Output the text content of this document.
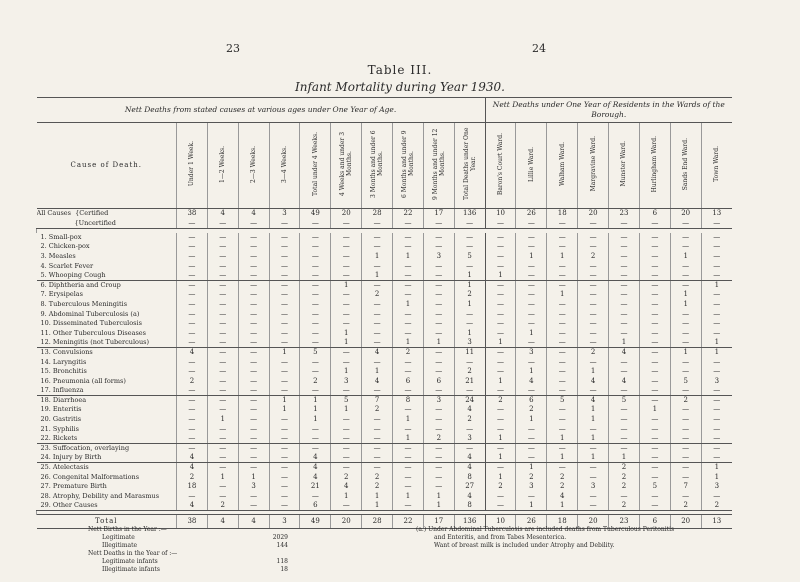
23	24
Table III.
Infant Mortality during Year 1930.
Nett Deaths from stated causes at various ages under One Year of Age.											Nett Deaths under One Year of Residents in the Wards of the Borough.							
Cause of Death.	Under 1 Week.	1—2 Weeks.	2—3 Weeks.	3—4 Weeks.	Total under 4 Weeks.	4 Weeks and under 3 Months.	3 Months and under 6 Months.	6 Months and under 9 Months.	9 Months and under 12 Months.	Total Deaths under One Year.	Baron's Court Ward.	Lillie Ward.	Walham Ward.	Margravine Ward.	Munster Ward.	Hurlingham Ward.	Sands End Ward.	Town Ward.
All Causes  {Certified	38	4	4	3	49	20	28	22	17	136	10	26	18	20	23	6	20	13
{Uncertified	—	—	—	—	—	—	—	—	—	—	—	—	—	—	—	—	—	—

1. Small-pox	—	—	—	—	—	—	—	—	—	—	—	—	—	—	—	—	—	—
2. Chicken-pox	—	—	—	—	—	—	—	—	—	—	—	—	—	—	—	—	—	—
3. Measles	—	—	—	—	—	—	1	1	3	5	—	1	1	2	—	—	1	—
4. Scarlet Fever	—	—	—	—	—	—	—	—	—	—	—	—	—	—	—	—	—	—
5. Whooping Cough	—	—	—	—	—	—	1	—	—	1	1	—	—	—	—	—	—	—
6. Diphtheria and Croup	—	—	—	—	—	1	—	—	—	1	—	—	—	—	—	—	—	1
7. Erysipelas	—	—	—	—	—	—	2	—	—	2	—	—	1	—	—	—	1	—
8. Tuberculous Meningitis	—	—	—	—	—	—	—	1	—	1	—	—	—	—	—	—	1	—
9. Abdominal Tuberculosis (a)	—	—	—	—	—	—	—	—	—	—	—	—	—	—	—	—	—	—
10. Disseminated Tuberculosis	—	—	—	—	—	—	—	—	—	—	—	—	—	—	—	—	—	—
11. Other Tuberculous Diseases	—	—	—	—	—	1	—	—	—	1	—	1	—	—	—	—	—	—
12. Meningitis (not Tuberculous)	—	—	—	—	—	1	—	1	1	3	1	—	—	—	1	—	—	1
13. Convulsions	4	—	—	1	5	—	4	2	—	11	—	3	—	2	4	—	1	1
14. Laryngitis	—	—	—	—	—	—	—	—	—	—	—	—	—	—	—	—	—	—
15. Bronchitis	—	—	—	—	—	1	1	—	—	2	—	1	—	1	—	—	—	—
16. Pneumonia (all forms)	2	—	—	—	2	3	4	6	6	21	1	4	—	4	4	—	5	3
17. Influenza	—	—	—	—	—	—	—	—	—	—	—	—	—	—	—	—	—	—
18. Diarrhoea	—	—	—	1	1	5	7	8	3	24	2	6	5	4	5	—	2	—
19. Enteritis	—	—	—	1	1	1	2	—	—	4	—	2	—	1	—	1	—	—
20. Gastritis	—	1	—	—	1	—	—	1	—	2	—	1	—	1	—	—	—	—
21. Syphilis	—	—	—	—	—	—	—	—	—	—	—	—	—	—	—	—	—	—
22. Rickets	—	—	—	—	—	—	—	1	2	3	1	—	1	1	—	—	—	—
23. Suffocation, overlaying	—	—	—	—	—	—	—	—	—	—	—	—	—	—	—	—	—	—
24. Injury by Birth	4	—	—	—	4	—	—	—	—	4	1	—	1	1	1	—	—	—
25. Atelectasis	4	—	—	—	4	—	—	—	—	4	—	1	—	—	2	—	—	1
26. Congenital Malformations	2	1	1	—	4	2	2	—	—	8	1	2	2	—	2	—	—	1
27. Premature Birth	18	—	3	—	21	4	2	—	—	27	2	3	2	3	2	5	7	3
28. Atrophy, Debility and Marasmus	—	—	—	—	—	1	1	1	1	4	—	—	4	—	—	—	—	—
29. Other Causes	4	2	—	—	6	—	1	—	1	8	—	1	1	—	2	—	2	2

Total	38	4	4	3	49	20	28	22	17	136	10	26	18	20	23	6	20	13
Nett Births in the Year :—
Legitimate	2029
Illegitimate	144
Nett Deaths in the Year of :—
Legitimate infants	118
Illegitimate infants	18
(a.) Under Abdominal Tuberculosis are included deaths from Tuberculous Peritonitis
and Enteritis, and from Tabes Mesenterica.
Want of breast milk is included under Atrophy and Debility.
